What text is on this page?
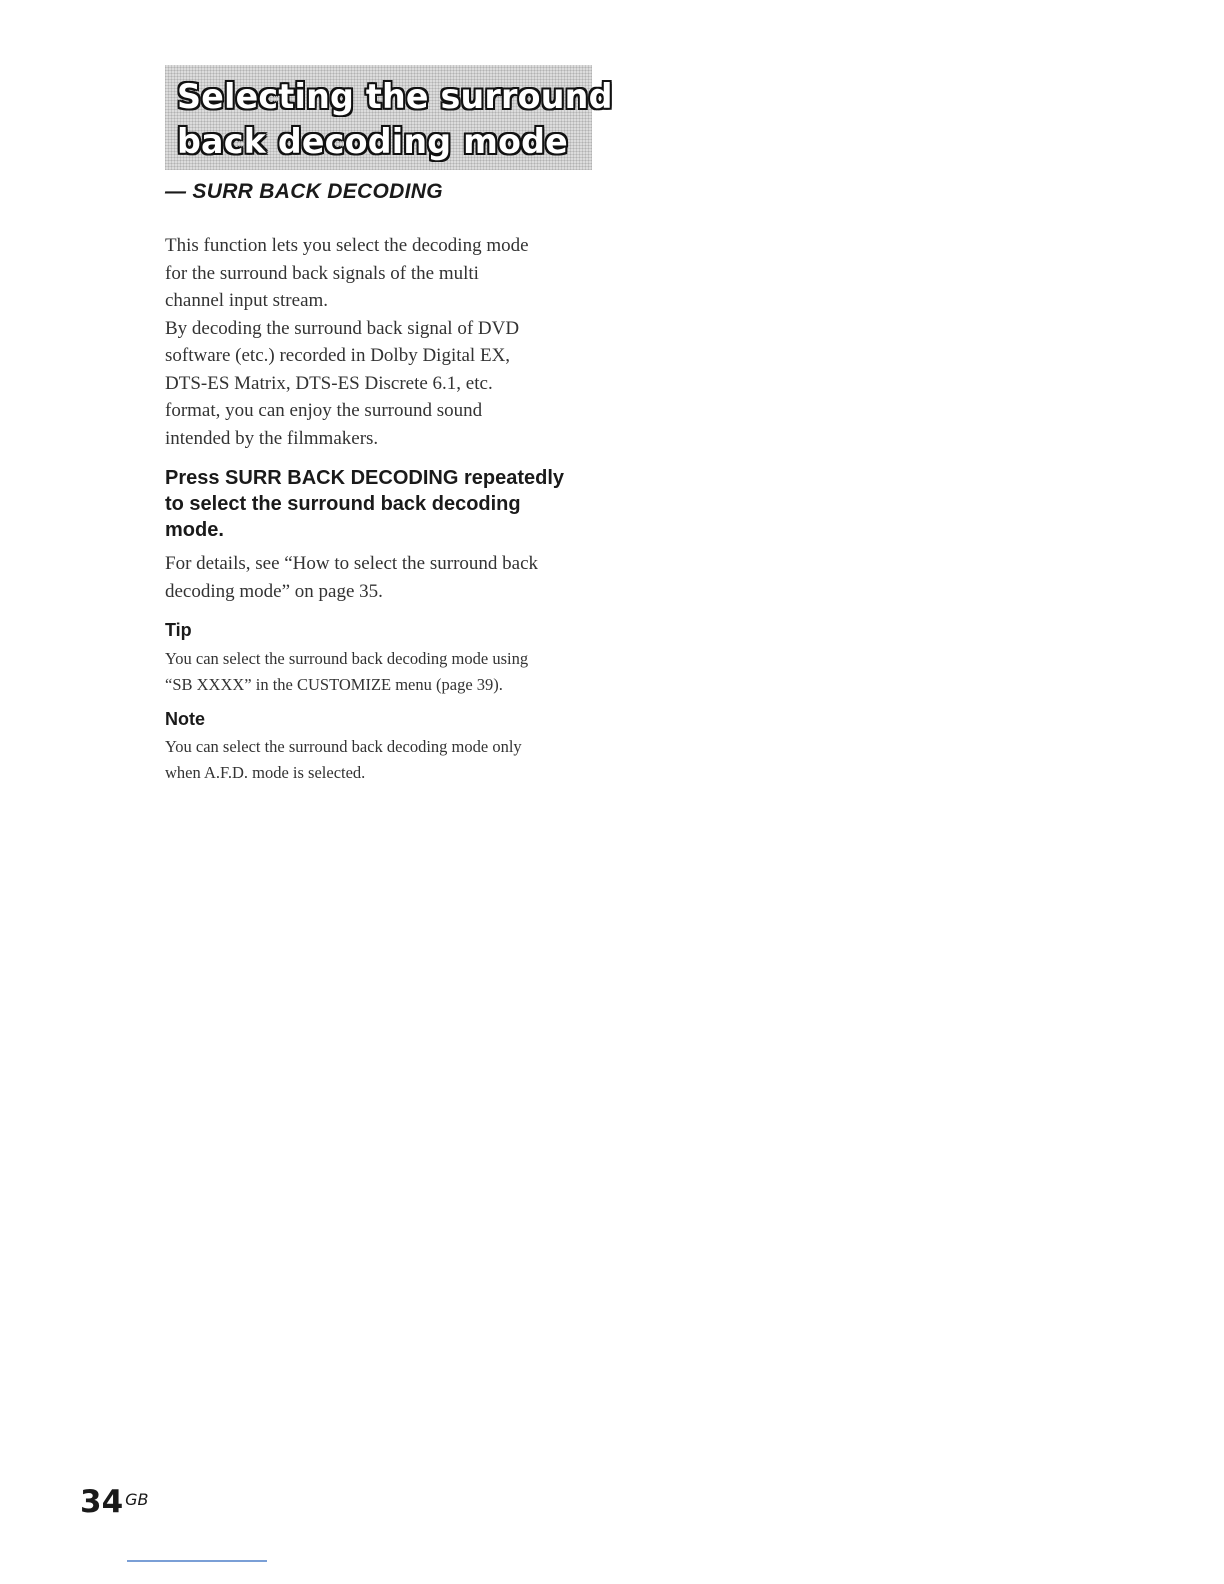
Selecting the surround
back decoding mode
— SURR BACK DECODING

This function lets you select the decoding mode
for the surround back signals of the multi
channel input stream.
By decoding the surround back signal of DVD
software (etc.) recorded in Dolby Digital EX,
DTS-ES Matrix, DTS-ES Discrete 6.1, etc.
format, you can enjoy the surround sound
intended by the filmmakers.

Press SURR BACK DECODING repeatedly
to select the surround back decoding
mode.

For details, see “How to select the surround back
decoding mode” on page 35.

Tip
You can select the surround back decoding mode using
“SB XXXX” in the CUSTOMIZE menu (page 39).
Note
You can select the surround back decoding mode only
when A.F.D. mode is selected.
34 $^{GB}$
